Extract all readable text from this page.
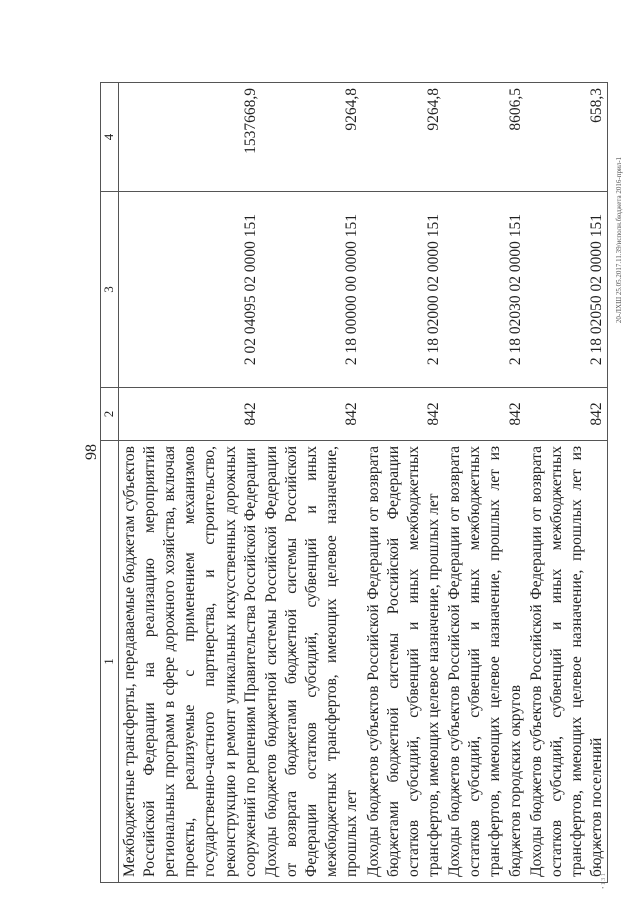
98
1	2	3	4
Межбюджетные трансферты, передаваемые бюджетам субъектов Российской Федерации на реализацию мероприятий региональных программ в сфере дорожного хозяйства, включая проекты, реализуемые с применением механизмов государственно-частного партнерства, и строительство, реконструкцию и ремонт уникальных искусственных дорожных сооружений по решениям Правительства Российской Федерации	842	2 02 04095 02 0000 151	1537668,9
Доходы бюджетов бюджетной системы Российской Федерации от возврата бюджетами бюджетной системы Российской Федерации остатков субсидий, субвенций и иных межбюджетных трансфертов, имеющих целевое назначение, прошлых лет	842	2 18 00000 00 0000 151	9264,8
Доходы бюджетов субъектов Российской Федерации от возврата бюджетами бюджетной системы Российской Федерации остатков субсидий, субвенций и иных межбюджетных трансфертов, имеющих целевое назначение, прошлых лет	842	2 18 02000 02 0000 151	9264,8
Доходы бюджетов субъектов Российской Федерации от возврата остатков субсидий, субвенций и иных межбюджетных трансфертов, имеющих целевое назначение, прошлых лет из бюджетов городских округов	842	2 18 02030 02 0000 151	8606,5
Доходы бюджетов субъектов Российской Федерации от возврата остатков субсидий, субвенций и иных межбюджетных трансфертов, имеющих целевое назначение, прошлых лет из бюджетов поселений	842	2 18 02050 02 0000 151	658,3
20-ЛХШ 25.05.2017.11.39/исполн.бюджета 2016-прил-1
• 1 3 1
